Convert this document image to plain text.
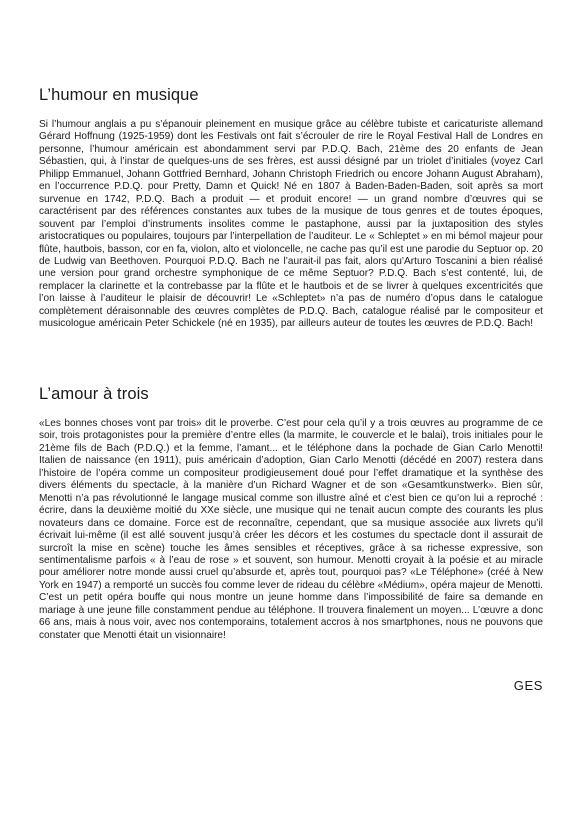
L’humour en musique

Si l’humour anglais a pu s’épanouir pleinement en musique grâce au célèbre tubiste et caricaturiste allemand Gérard Hoffnung (1925-1959) dont les Festivals ont fait s’écrouler de rire le Royal Festival Hall de Londres en personne, l’humour américain est abondamment servi par P.D.Q. Bach, 21ème des 20 enfants de Jean Sébastien, qui, à l’instar de quelques-uns de ses frères, est aussi désigné par un triolet d’initiales (voyez Carl Philipp Emmanuel, Johann Gottfried Bernhard, Johann Christoph Friedrich ou encore Johann August Abraham), en l’occurrence P.D.Q. pour Pretty, Damn et Quick! Né en 1807 à Baden-Baden-Baden, soit après sa mort survenue en 1742, P.D.Q. Bach a produit — et produit encore! — un grand nombre d’œuvres qui se caractérisent par des références constantes aux tubes de la musique de tous genres et de toutes époques, souvent par l’emploi d’instruments insolites comme le pastaphone, aussi par la juxtaposition des styles aristocratiques ou populaires, toujours par l’interpellation de l’auditeur. Le « Schleptet » en mi bémol majeur pour flûte, hautbois, basson, cor en fa, violon, alto et violoncelle, ne cache pas qu’il est une parodie du Septuor op. 20 de Ludwig van Beethoven. Pourquoi P.D.Q. Bach ne l’aurait-il pas fait, alors qu’Arturo Toscanini a bien réalisé une version pour grand orchestre symphonique de ce même Septuor? P.D.Q. Bach s’est contenté, lui, de remplacer la clarinette et la contrebasse par la flûte et le hautbois et de se livrer à quelques excentricités que l’on laisse à l’auditeur le plaisir de découvrir! Le «Schleptet» n’a pas de numéro d’opus dans le catalogue complètement déraisonnable des œuvres complètes de P.D.Q. Bach, catalogue réalisé par le compositeur et musicologue américain Peter Schickele (né en 1935), par ailleurs auteur de toutes les œuvres de P.D.Q. Bach!

L’amour à trois

«Les bonnes choses vont par trois» dit le proverbe. C’est pour cela qu’il y a trois œuvres au programme de ce soir, trois protagonistes pour la première d’entre elles (la marmite, le couvercle et le balai), trois initiales pour le 21ème fils de Bach (P.D.Q.) et la femme, l’amant... et le téléphone dans la pochade de Gian Carlo Menotti! Italien de naissance (en 1911), puis américain d’adoption, Gian Carlo Menotti (décédé en 2007) restera dans l’histoire de l’opéra comme un compositeur prodigieusement doué pour l’effet dramatique et la synthèse des divers éléments du spectacle, à la manière d’un Richard Wagner et de son «Gesamtkunstwerk». Bien sûr, Menotti n’a pas révolutionné le langage musical comme son illustre aîné et c’est bien ce qu’on lui a reproché : écrire, dans la deuxième moitié du XXe siècle, une musique qui ne tenait aucun compte des courants les plus novateurs dans ce domaine. Force est de reconnaître, cependant, que sa musique associée aux livrets qu’il écrivait lui-même (il est allé souvent jusqu’à créer les décors et les costumes du spectacle dont il assurait de surcroît la mise en scène) touche les âmes sensibles et réceptives, grâce à sa richesse expressive, son sentimentalisme parfois « à l’eau de rose » et souvent, son humour. Menotti croyait à la poésie et au miracle pour améliorer notre monde aussi cruel qu’absurde et, après tout, pourquoi pas? «Le Téléphone» (créé à New York en 1947) a remporté un succès fou comme lever de rideau du célèbre «Médium», opéra majeur de Menotti. C’est un petit opéra bouffe qui nous montre un jeune homme dans l’impossibilité de faire sa demande en mariage à une jeune fille constamment pendue au téléphone. Il trouvera finalement un moyen... L’œuvre a donc 66 ans, mais à nous voir, avec nos contemporains, totalement accros à nos smartphones, nous ne pouvons que constater que Menotti était un visionnaire!

GES
